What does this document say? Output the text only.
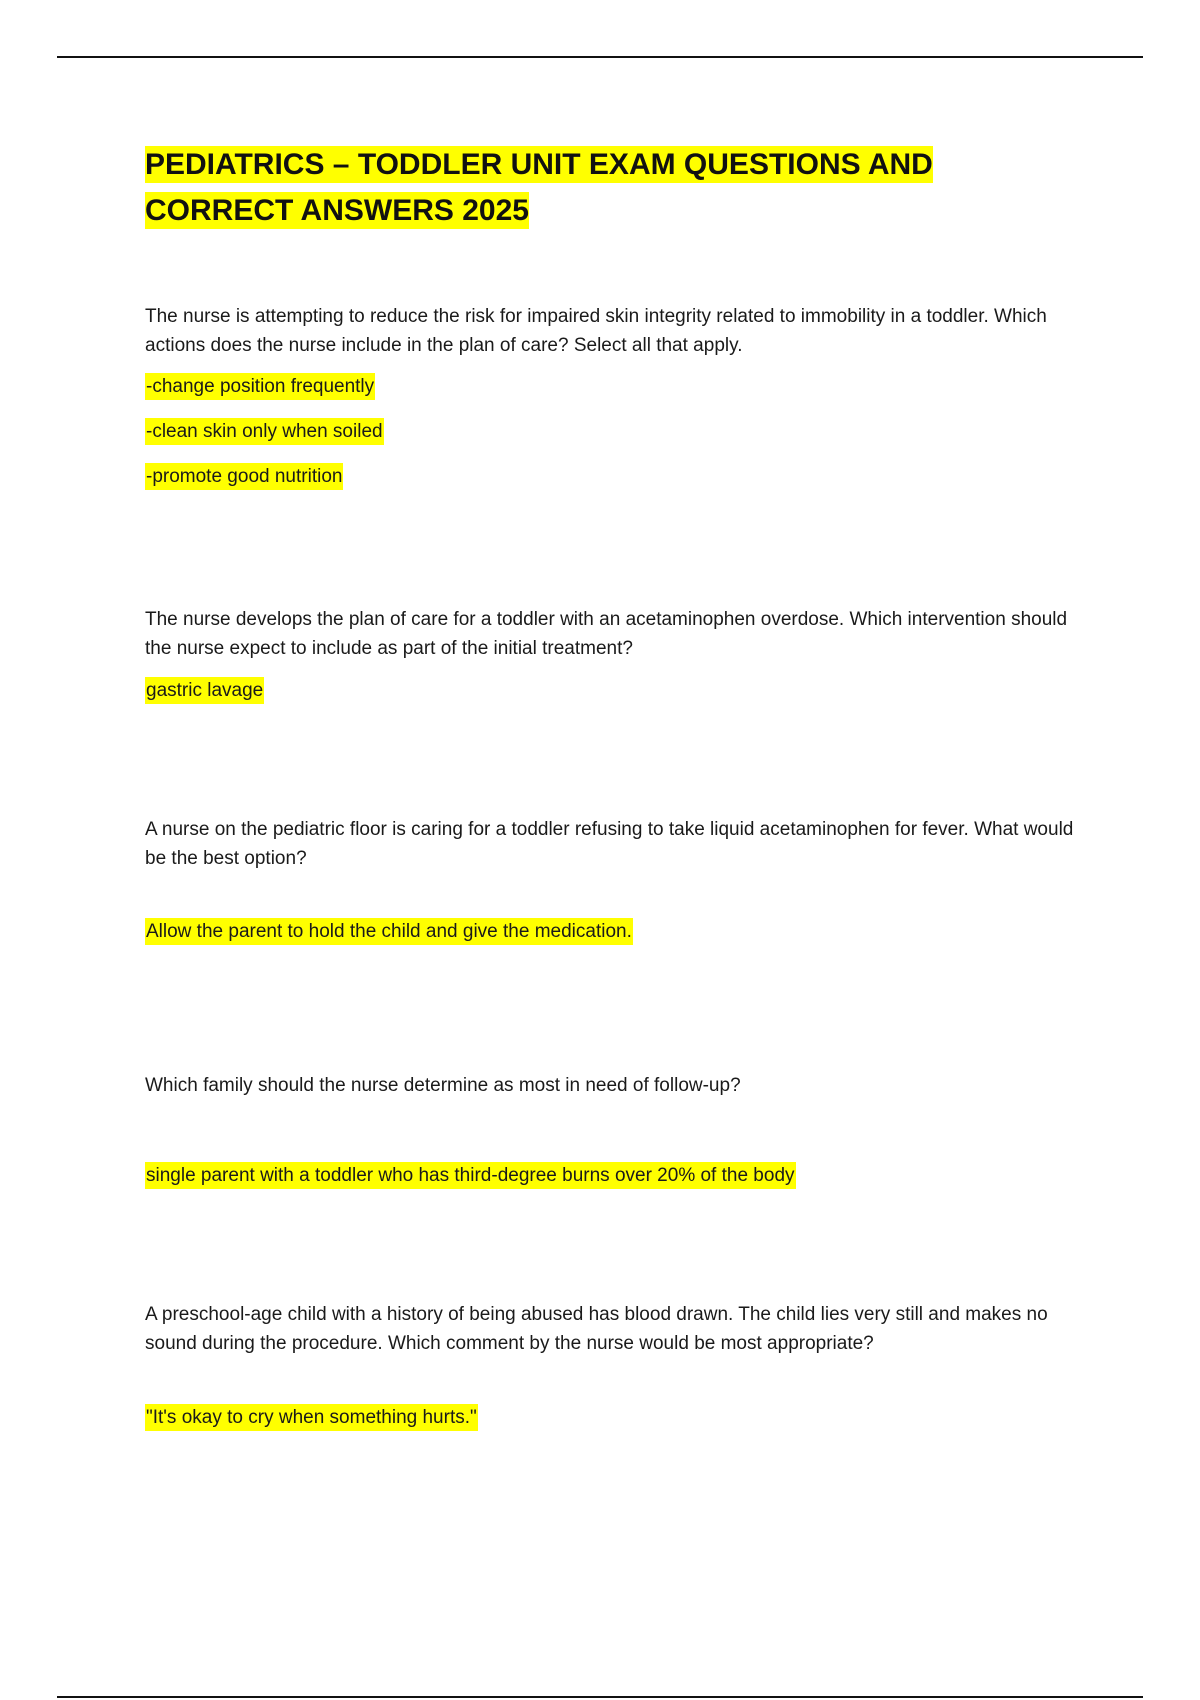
PEDIATRICS – TODDLER UNIT EXAM QUESTIONS AND
CORRECT ANSWERS 2025

The nurse is attempting to reduce the risk for impaired skin integrity related to immobility in a toddler. Which actions does the nurse include in the plan of care? Select all that apply.

-change position frequently
-clean skin only when soiled
-promote good nutrition

The nurse develops the plan of care for a toddler with an acetaminophen overdose. Which intervention should the nurse expect to include as part of the initial treatment?

gastric lavage

A nurse on the pediatric floor is caring for a toddler refusing to take liquid acetaminophen for fever. What would be the best option?

Allow the parent to hold the child and give the medication.

Which family should the nurse determine as most in need of follow-up?

single parent with a toddler who has third-degree burns over 20% of the body

A preschool-age child with a history of being abused has blood drawn. The child lies very still and makes no sound during the procedure. Which comment by the nurse would be most appropriate?

"It's okay to cry when something hurts."
